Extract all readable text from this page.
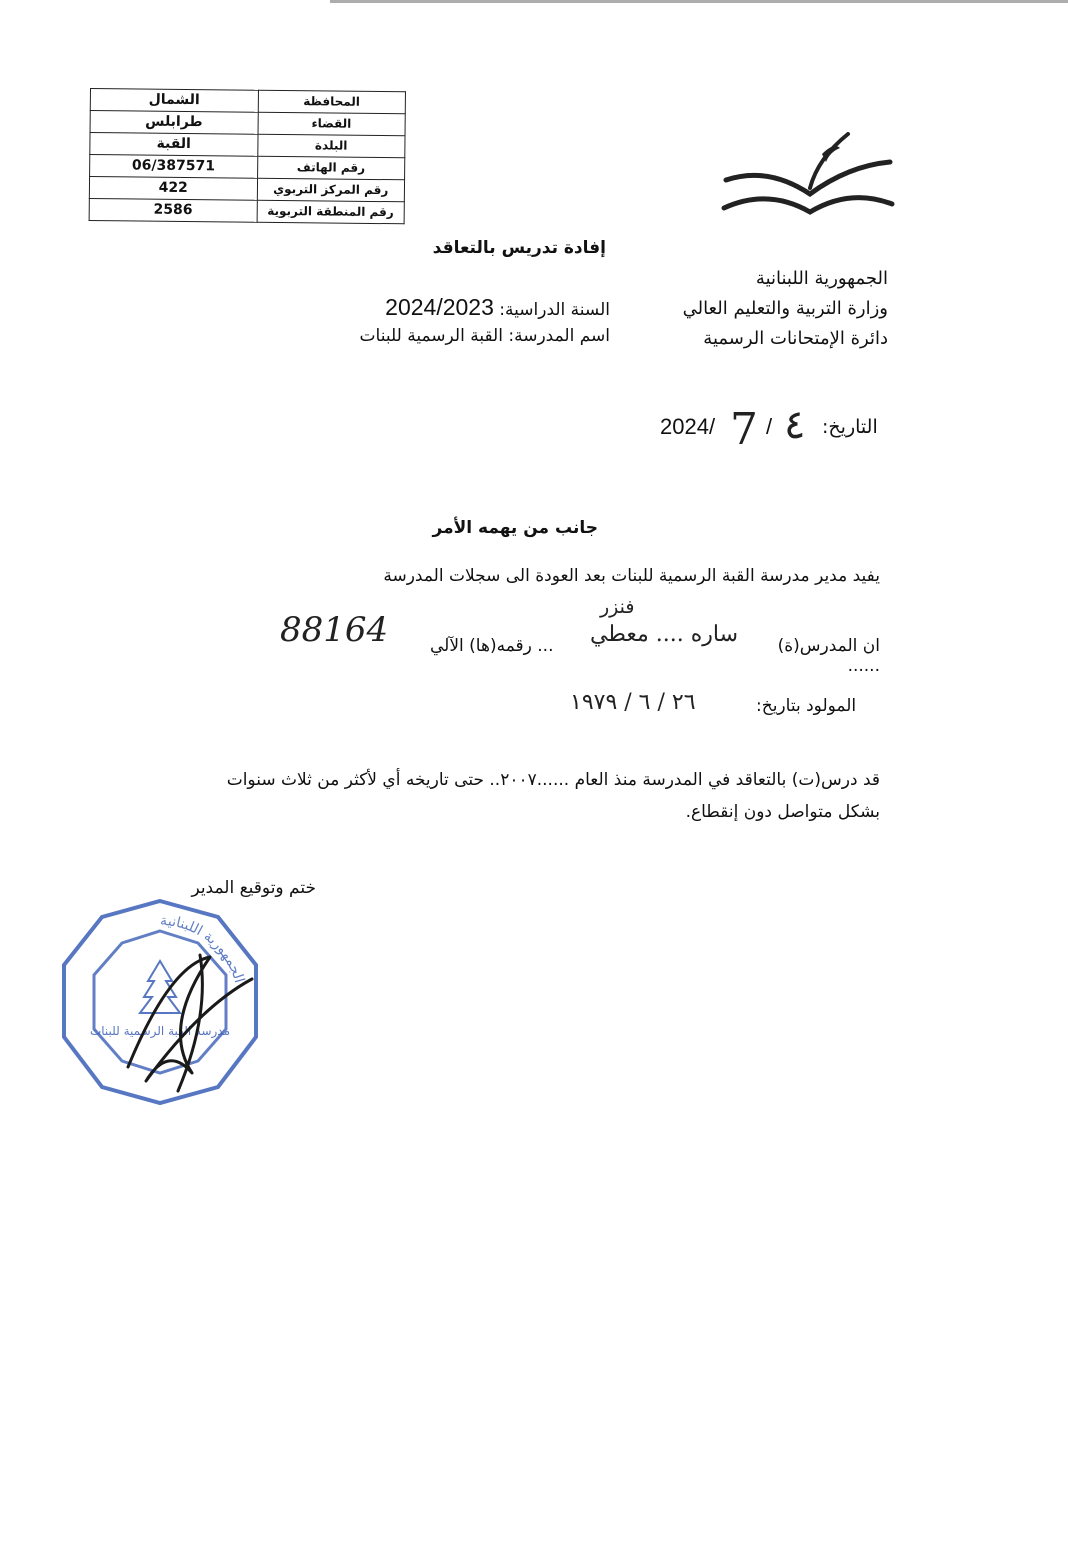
المحافظة	الشمال
القضاء	طرابلس
البلدة	القبة
رقم الهاتف	06/387571
رقم المركز التربوي	422
رقم المنطقة التربوية	2586
إفادة تدريس بالتعاقد
الجمهورية اللبنانية
وزارة التربية والتعليم العالي
دائرة الإمتحانات الرسمية
السنة الدراسية: 2024/2023
اسم المدرسة: القبة الرسمية للبنات
2024/ 7 / ٤ التاريخ:
جانب من يهمه الأمر
يفيد مدير مدرسة القبة الرسمية للبنات بعد العودة الى سجلات المدرسة
فنزر
88164 ... رقمه(ها) الآلي ساره .... معطي	ان المدرس(ة) ......
٢٦ / ٦ / ١٩٧٩	المولود بتاريخ:
قد درس(ت) بالتعاقد في المدرسة منذ العام ......٢٠٠٧.. حتى تاريخه أي لأكثر من ثلاث سنوات
بشكل متواصل دون إنقطاع.
ختم وتوقيع المدير
الجمهورية اللبنانية
مدرسة القبة الرسمية للبنات
